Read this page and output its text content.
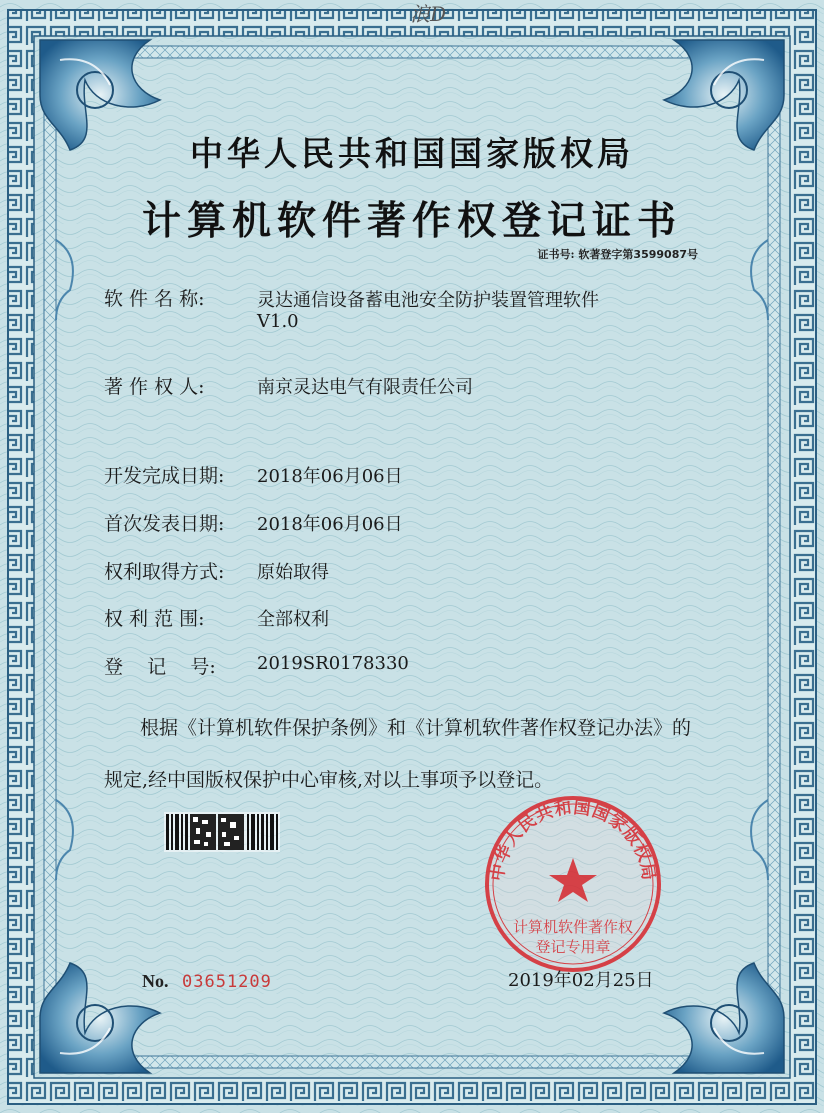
中华人民共和国国家版权局
计算机软件著作权
登记专用章
浪D
中华人民共和国国家版权局
计算机软件著作权登记证书
证书号: 软著登字第3599087号
软 件 名 称:	灵达通信设备蓄电池安全防护装置管理软件
V1.0
著 作 权 人:	南京灵达电气有限责任公司
开发完成日期: 2018年06月06日
首次发表日期: 2018年06月06日
权利取得方式: 原始取得
权 利 范 围:	全部权利
登    记    号: 2019SR0178330
根据《计算机软件保护条例》和《计算机软件著作权登记办法》的
规定,经中国版权保护中心审核,对以上事项予以登记。
No. 03651209	2019年02月25日
